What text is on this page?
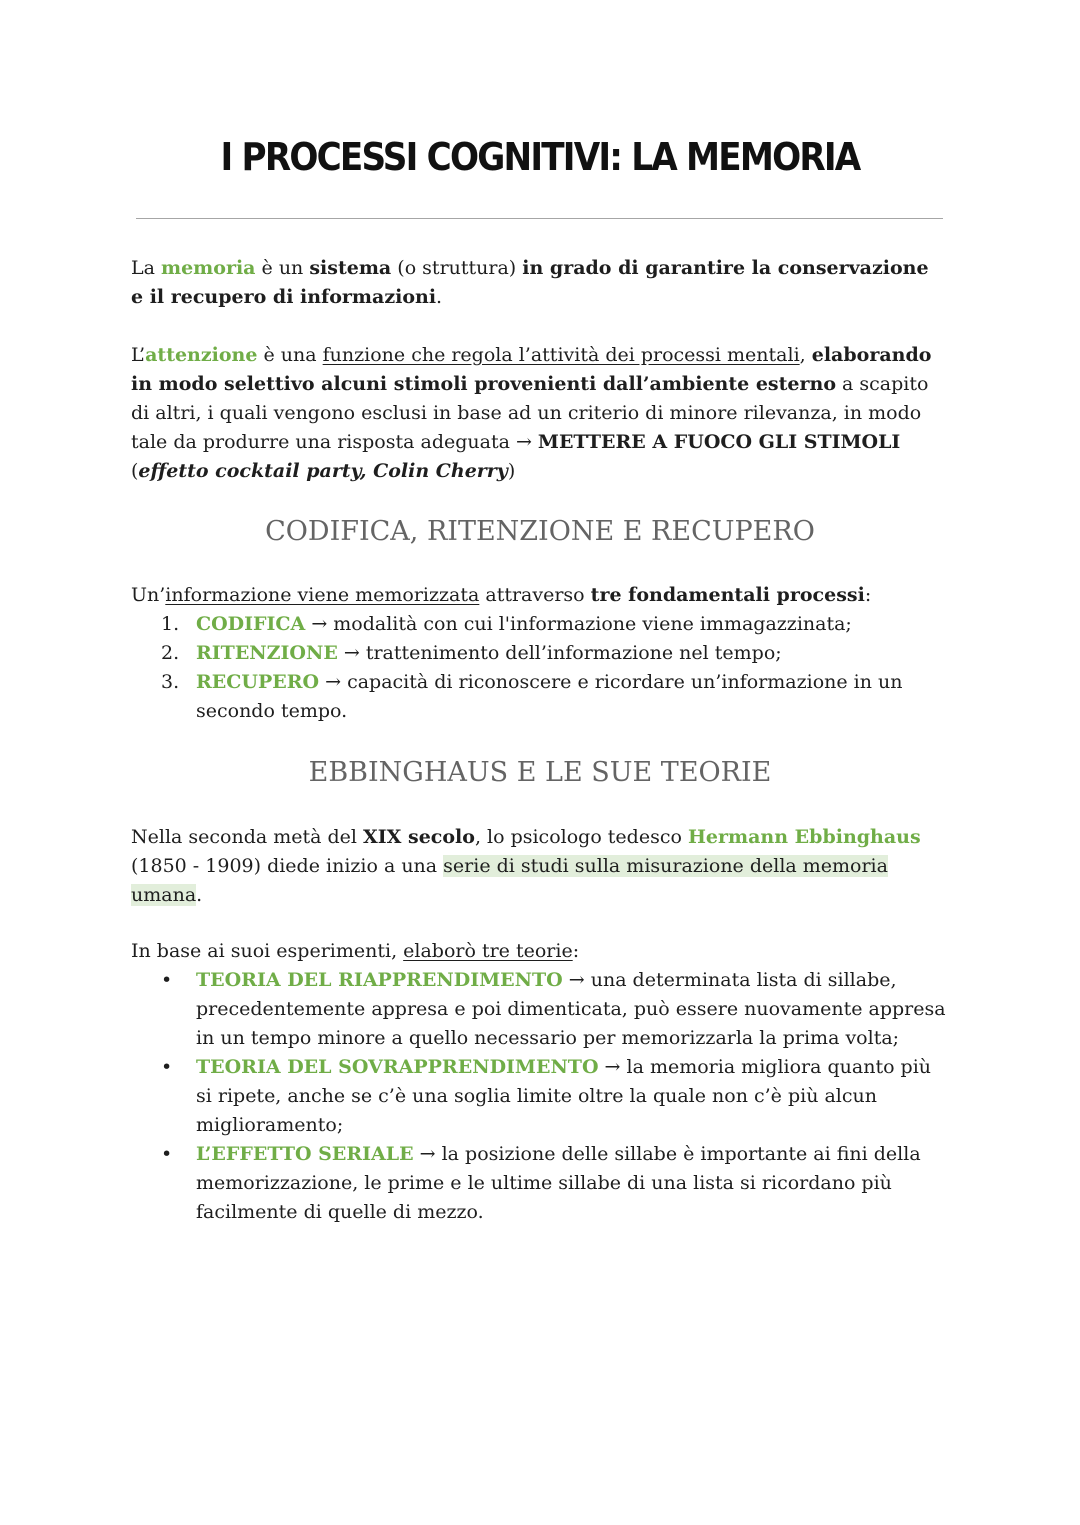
I PROCESSI COGNITIVI: LA MEMORIA

La memoria è un sistema (o struttura) in grado di garantire la conservazione e il recupero di informazioni.

L’attenzione è una funzione che regola l’attività dei processi mentali, elaborando in modo selettivo alcuni stimoli provenienti dall’ambiente esterno a scapito di altri, i quali vengono esclusi in base ad un criterio di minore rilevanza, in modo tale da produrre una risposta adeguata → METTERE A FUOCO GLI STIMOLI (effetto cocktail party, Colin Cherry)

CODIFICA, RITENZIONE E RECUPERO
Un’informazione viene memorizzata attraverso tre fondamentali processi:
1. CODIFICA → modalità con cui l'informazione viene immagazzinata;
2. RITENZIONE → trattenimento dell’informazione nel tempo;
3. RECUPERO → capacità di riconoscere e ricordare un’informazione in un secondo tempo.
EBBINGHAUS E LE SUE TEORIE

Nella seconda metà del XIX secolo, lo psicologo tedesco Hermann Ebbinghaus (1850 - 1909) diede inizio a una serie di studi sulla misurazione della memoria umana.

In base ai suoi esperimenti, elaborò tre teorie:
• TEORIA DEL RIAPPRENDIMENTO → una determinata lista di sillabe, precedentemente appresa e poi dimenticata, può essere nuovamente appresa in un tempo minore a quello necessario per memorizzarla la prima volta;
• TEORIA DEL SOVRAPPRENDIMENTO → la memoria migliora quanto più si ripete, anche se c’è una soglia limite oltre la quale non c’è più alcun miglioramento;
• L’EFFETTO SERIALE → la posizione delle sillabe è importante ai fini della memorizzazione, le prime e le ultime sillabe di una lista si ricordano più facilmente di quelle di mezzo.
